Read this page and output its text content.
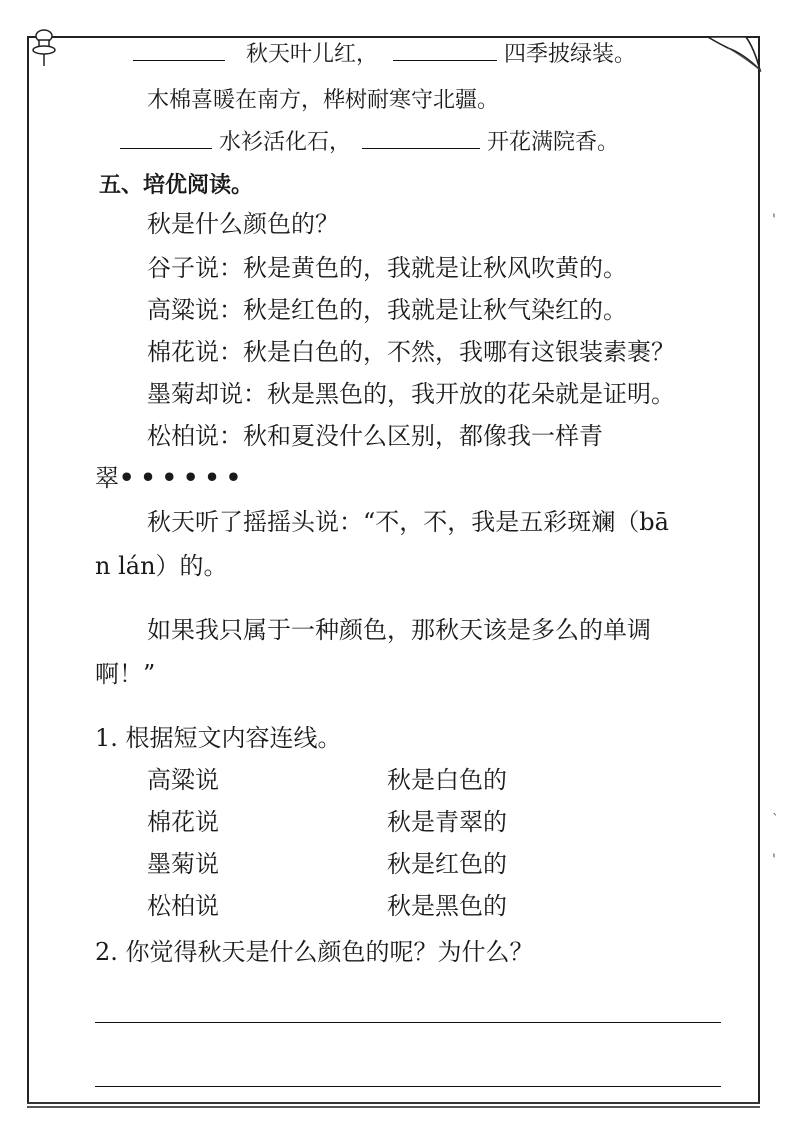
'
`
'
秋天叶儿红，	四季披绿装。
木棉喜暖在南方，桦树耐寒守北疆。
水衫活化石，	开花满院香。
五、培优阅读。
秋是什么颜色的？
谷子说：秋是黄色的，我就是让秋风吹黄的。
高粱说：秋是红色的，我就是让秋气染红的。
棉花说：秋是白色的，不然，我哪有这银装素裹？
墨菊却说：秋是黑色的，我开放的花朵就是证明。
松柏说：秋和夏没什么区别，都像我一样青
翠••••••
秋天听了摇摇头说：“不，不，我是五彩斑斓（bā
n lán）的。
如果我只属于一种颜色，那秋天该是多么的单调
啊！”
1. 根据短文内容连线。
高粱说
棉花说
墨菊说
松柏说
秋是白色的
秋是青翠的
秋是红色的
秋是黑色的
2. 你觉得秋天是什么颜色的呢？为什么？
